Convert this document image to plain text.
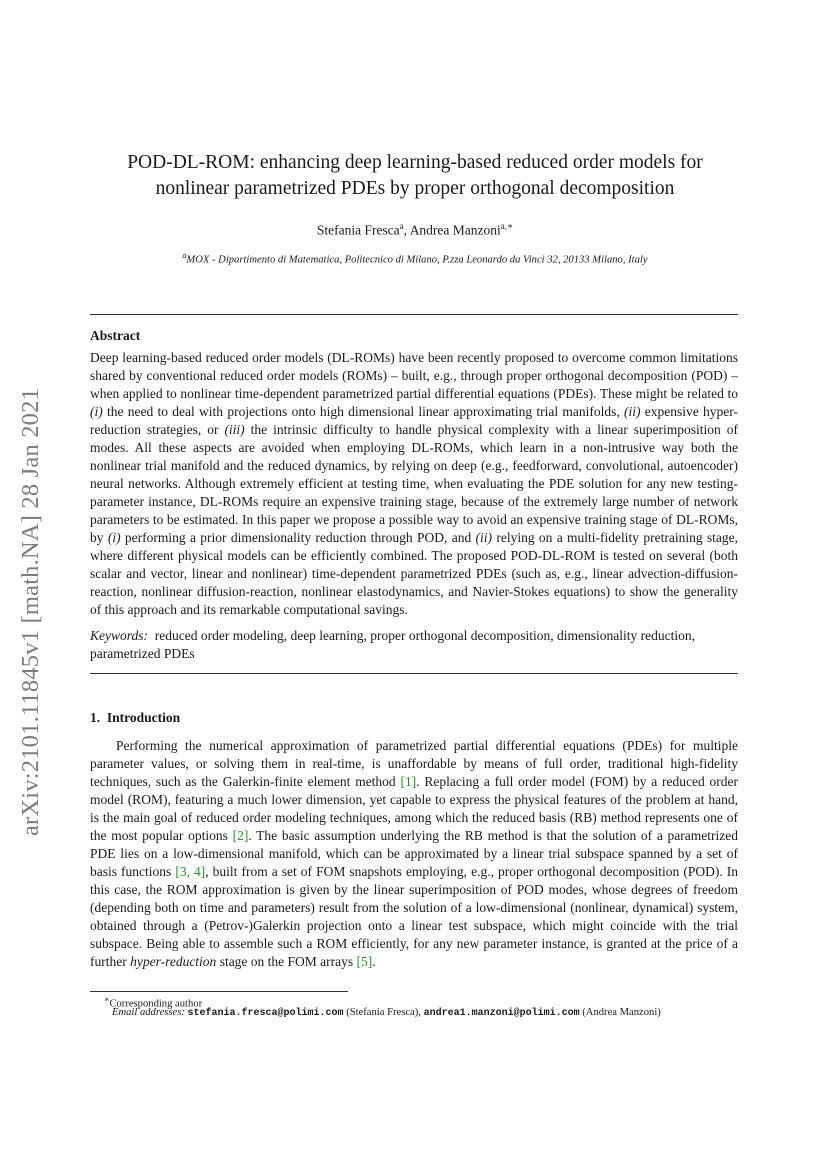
arXiv:2101.11845v1 [math.NA] 28 Jan 2021
POD-DL-ROM: enhancing deep learning-based reduced order models for
nonlinear parametrized PDEs by proper orthogonal decomposition
Stefania Fresca$^a$, Andrea Manzoni$^{a,∗}$
$^a$MOX - Dipartimento di Matematica, Politecnico di Milano, P.zza Leonardo da Vinci 32, 20133 Milano, Italy
Abstract

Deep learning-based reduced order models (DL-ROMs) have been recently proposed to overcome common limitations shared by conventional reduced order models (ROMs) – built, e.g., through proper orthogonal decomposition (POD) – when applied to nonlinear time-dependent parametrized partial differential equations (PDEs). These might be related to (i) the need to deal with projections onto high dimensional linear approximating trial manifolds, (ii) expensive hyper-reduction strategies, or (iii) the intrinsic difficulty to handle physical complexity with a linear superimposition of modes. All these aspects are avoided when employing DL-ROMs, which learn in a non-intrusive way both the nonlinear trial manifold and the reduced dynamics, by relying on deep (e.g., feedforward, convolutional, autoencoder) neural networks. Although extremely efficient at testing time, when evaluating the PDE solution for any new testing-parameter instance, DL-ROMs require an expensive training stage, because of the extremely large number of network parameters to be estimated. In this paper we propose a possible way to avoid an expensive training stage of DL-ROMs, by (i) performing a prior dimensionality reduction through POD, and (ii) relying on a multi-fidelity pretraining stage, where different physical models can be efficiently combined. The proposed POD-DL-ROM is tested on several (both scalar and vector, linear and nonlinear) time-dependent parametrized PDEs (such as, e.g., linear advection-diffusion-reaction, nonlinear diffusion-reaction, nonlinear elastodynamics, and Navier-Stokes equations) to show the generality of this approach and its remarkable computational savings.

Keywords: reduced order modeling, deep learning, proper orthogonal decomposition, dimensionality reduction, parametrized PDEs

1.  Introduction

Performing the numerical approximation of parametrized partial differential equations (PDEs) for multiple parameter values, or solving them in real-time, is unaffordable by means of full order, traditional high-fidelity techniques, such as the Galerkin-finite element method [1]. Replacing a full order model (FOM) by a reduced order model (ROM), featuring a much lower dimension, yet capable to express the physical features of the problem at hand, is the main goal of reduced order modeling techniques, among which the reduced basis (RB) method represents one of the most popular options [2]. The basic assumption underlying the RB method is that the solution of a parametrized PDE lies on a low-dimensional manifold, which can be approximated by a linear trial subspace spanned by a set of basis functions [3, 4], built from a set of FOM snapshots employing, e.g., proper orthogonal decomposition (POD). In this case, the ROM approximation is given by the linear superimposition of POD modes, whose degrees of freedom (depending both on time and parameters) result from the solution of a low-dimensional (nonlinear, dynamical) system, obtained through a (Petrov-)Galerkin projection onto a linear test subspace, which might coincide with the trial subspace. Being able to assemble such a ROM efficiently, for any new parameter instance, is granted at the price of a further hyper-reduction stage on the FOM arrays [5].

∗Corresponding author
Email addresses: stefania.fresca@polimi.com (Stefania Fresca), andrea1.manzoni@polimi.com (Andrea Manzoni)
